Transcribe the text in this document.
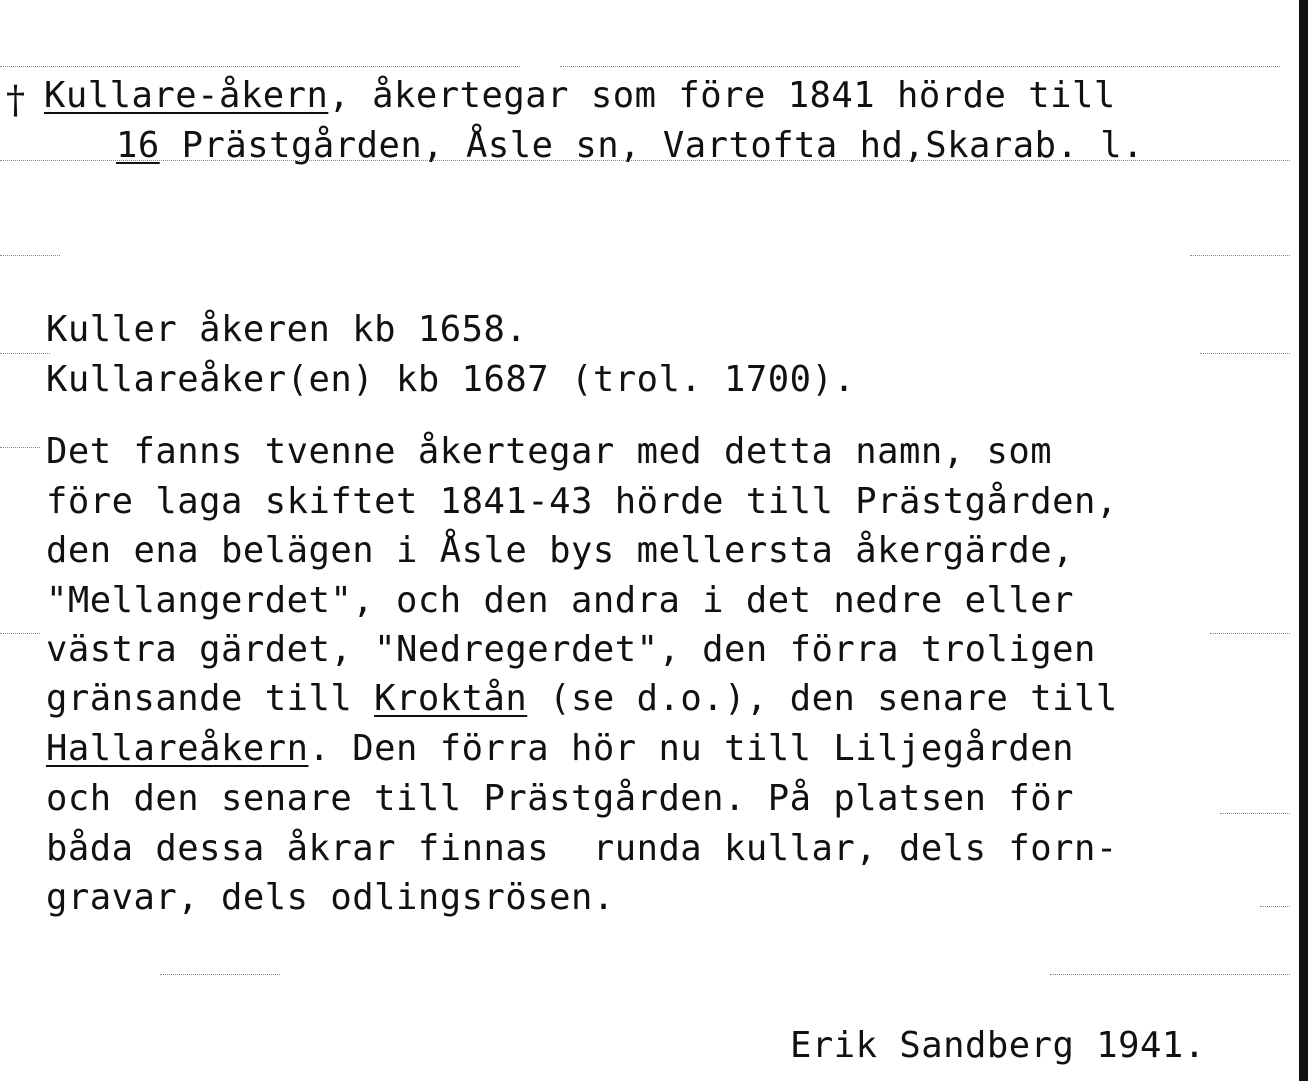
† Kullare-åkern, åkertegar som före 1841 hörde till
16 Prästgården, Åsle sn, Vartofta hd,Skarab. l.
Kuller åkeren kb 1658.
Kullareåker(en) kb 1687 (trol. 1700).
Det fanns tvenne åkertegar med detta namn, som
före laga skiftet 1841-43 hörde till Prästgården,
den ena belägen i Åsle bys mellersta åkergärde,
"Mellangerdet", och den andra i det nedre eller
västra gärdet, "Nedregerdet", den förra troligen
gränsande till Kroktån (se d.o.), den senare till
Hallareåkern. Den förra hör nu till Liljegården
och den senare till Prästgården. På platsen för
båda dessa åkrar finnas  runda kullar, dels forn-
gravar, dels odlingsrösen.
Erik Sandberg 1941.
